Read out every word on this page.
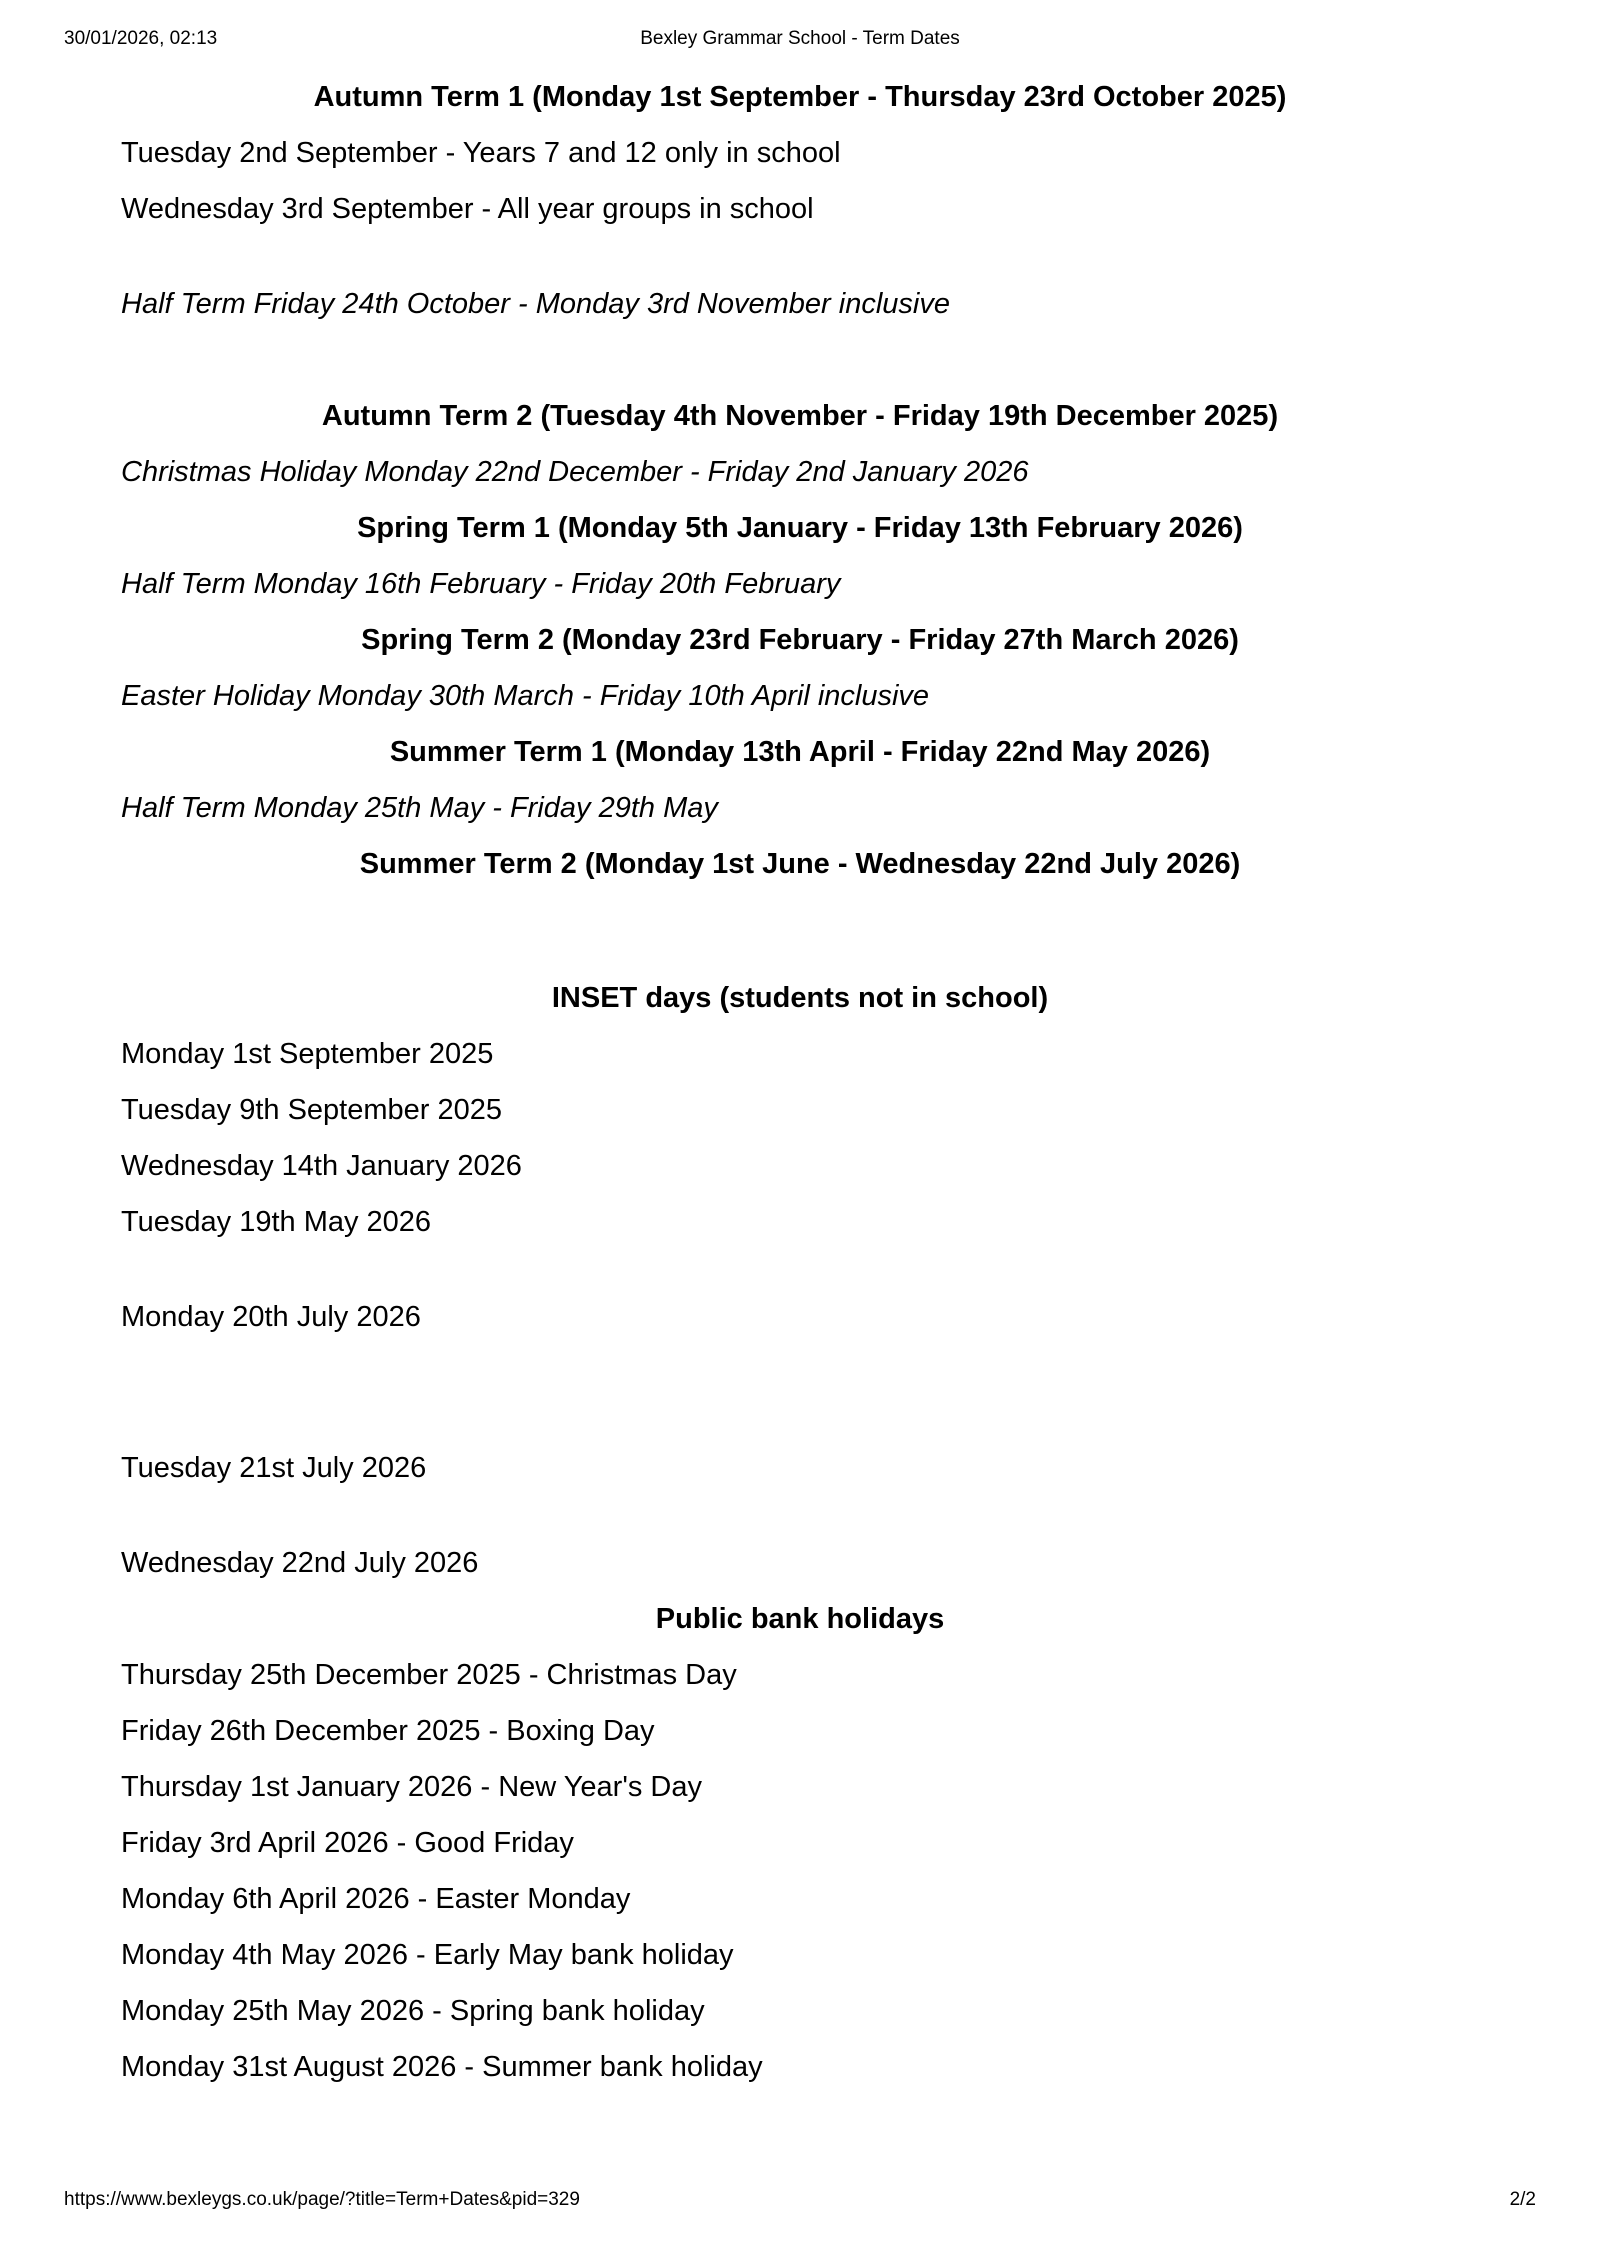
30/01/2026, 02:13	Bexley Grammar School - Term Dates
Autumn Term 1 (Monday 1st September - Thursday 23rd October 2025)
Tuesday 2nd September - Years 7 and 12 only in school
Wednesday 3rd September - All year groups in school
Half Term Friday 24th October - Monday 3rd November inclusive
Autumn Term 2 (Tuesday 4th November - Friday 19th December 2025)
Christmas Holiday Monday 22nd December - Friday 2nd January 2026
Spring Term 1 (Monday 5th January - Friday 13th February 2026)
Half Term Monday 16th February - Friday 20th February
Spring Term 2 (Monday 23rd February - Friday 27th March 2026)
Easter Holiday Monday 30th March - Friday 10th April inclusive
Summer Term 1 (Monday 13th April - Friday 22nd May 2026)
Half Term Monday 25th May - Friday 29th May
Summer Term 2 (Monday 1st June - Wednesday 22nd July 2026)
INSET days (students not in school)
Monday 1st September 2025
Tuesday 9th September 2025
Wednesday 14th January 2026
Tuesday 19th May 2026
Monday 20th July 2026
Tuesday 21st July 2026
Wednesday 22nd July 2026
Public bank holidays
Thursday 25th December 2025 - Christmas Day
Friday 26th December 2025 - Boxing Day
Thursday 1st January 2026 - New Year's Day
Friday 3rd April 2026 - Good Friday
Monday 6th April 2026 - Easter Monday
Monday 4th May 2026 - Early May bank holiday
Monday 25th May 2026 - Spring bank holiday
Monday 31st August 2026 - Summer bank holiday
https://www.bexleygs.co.uk/page/?title=Term+Dates&pid=329	2/2
